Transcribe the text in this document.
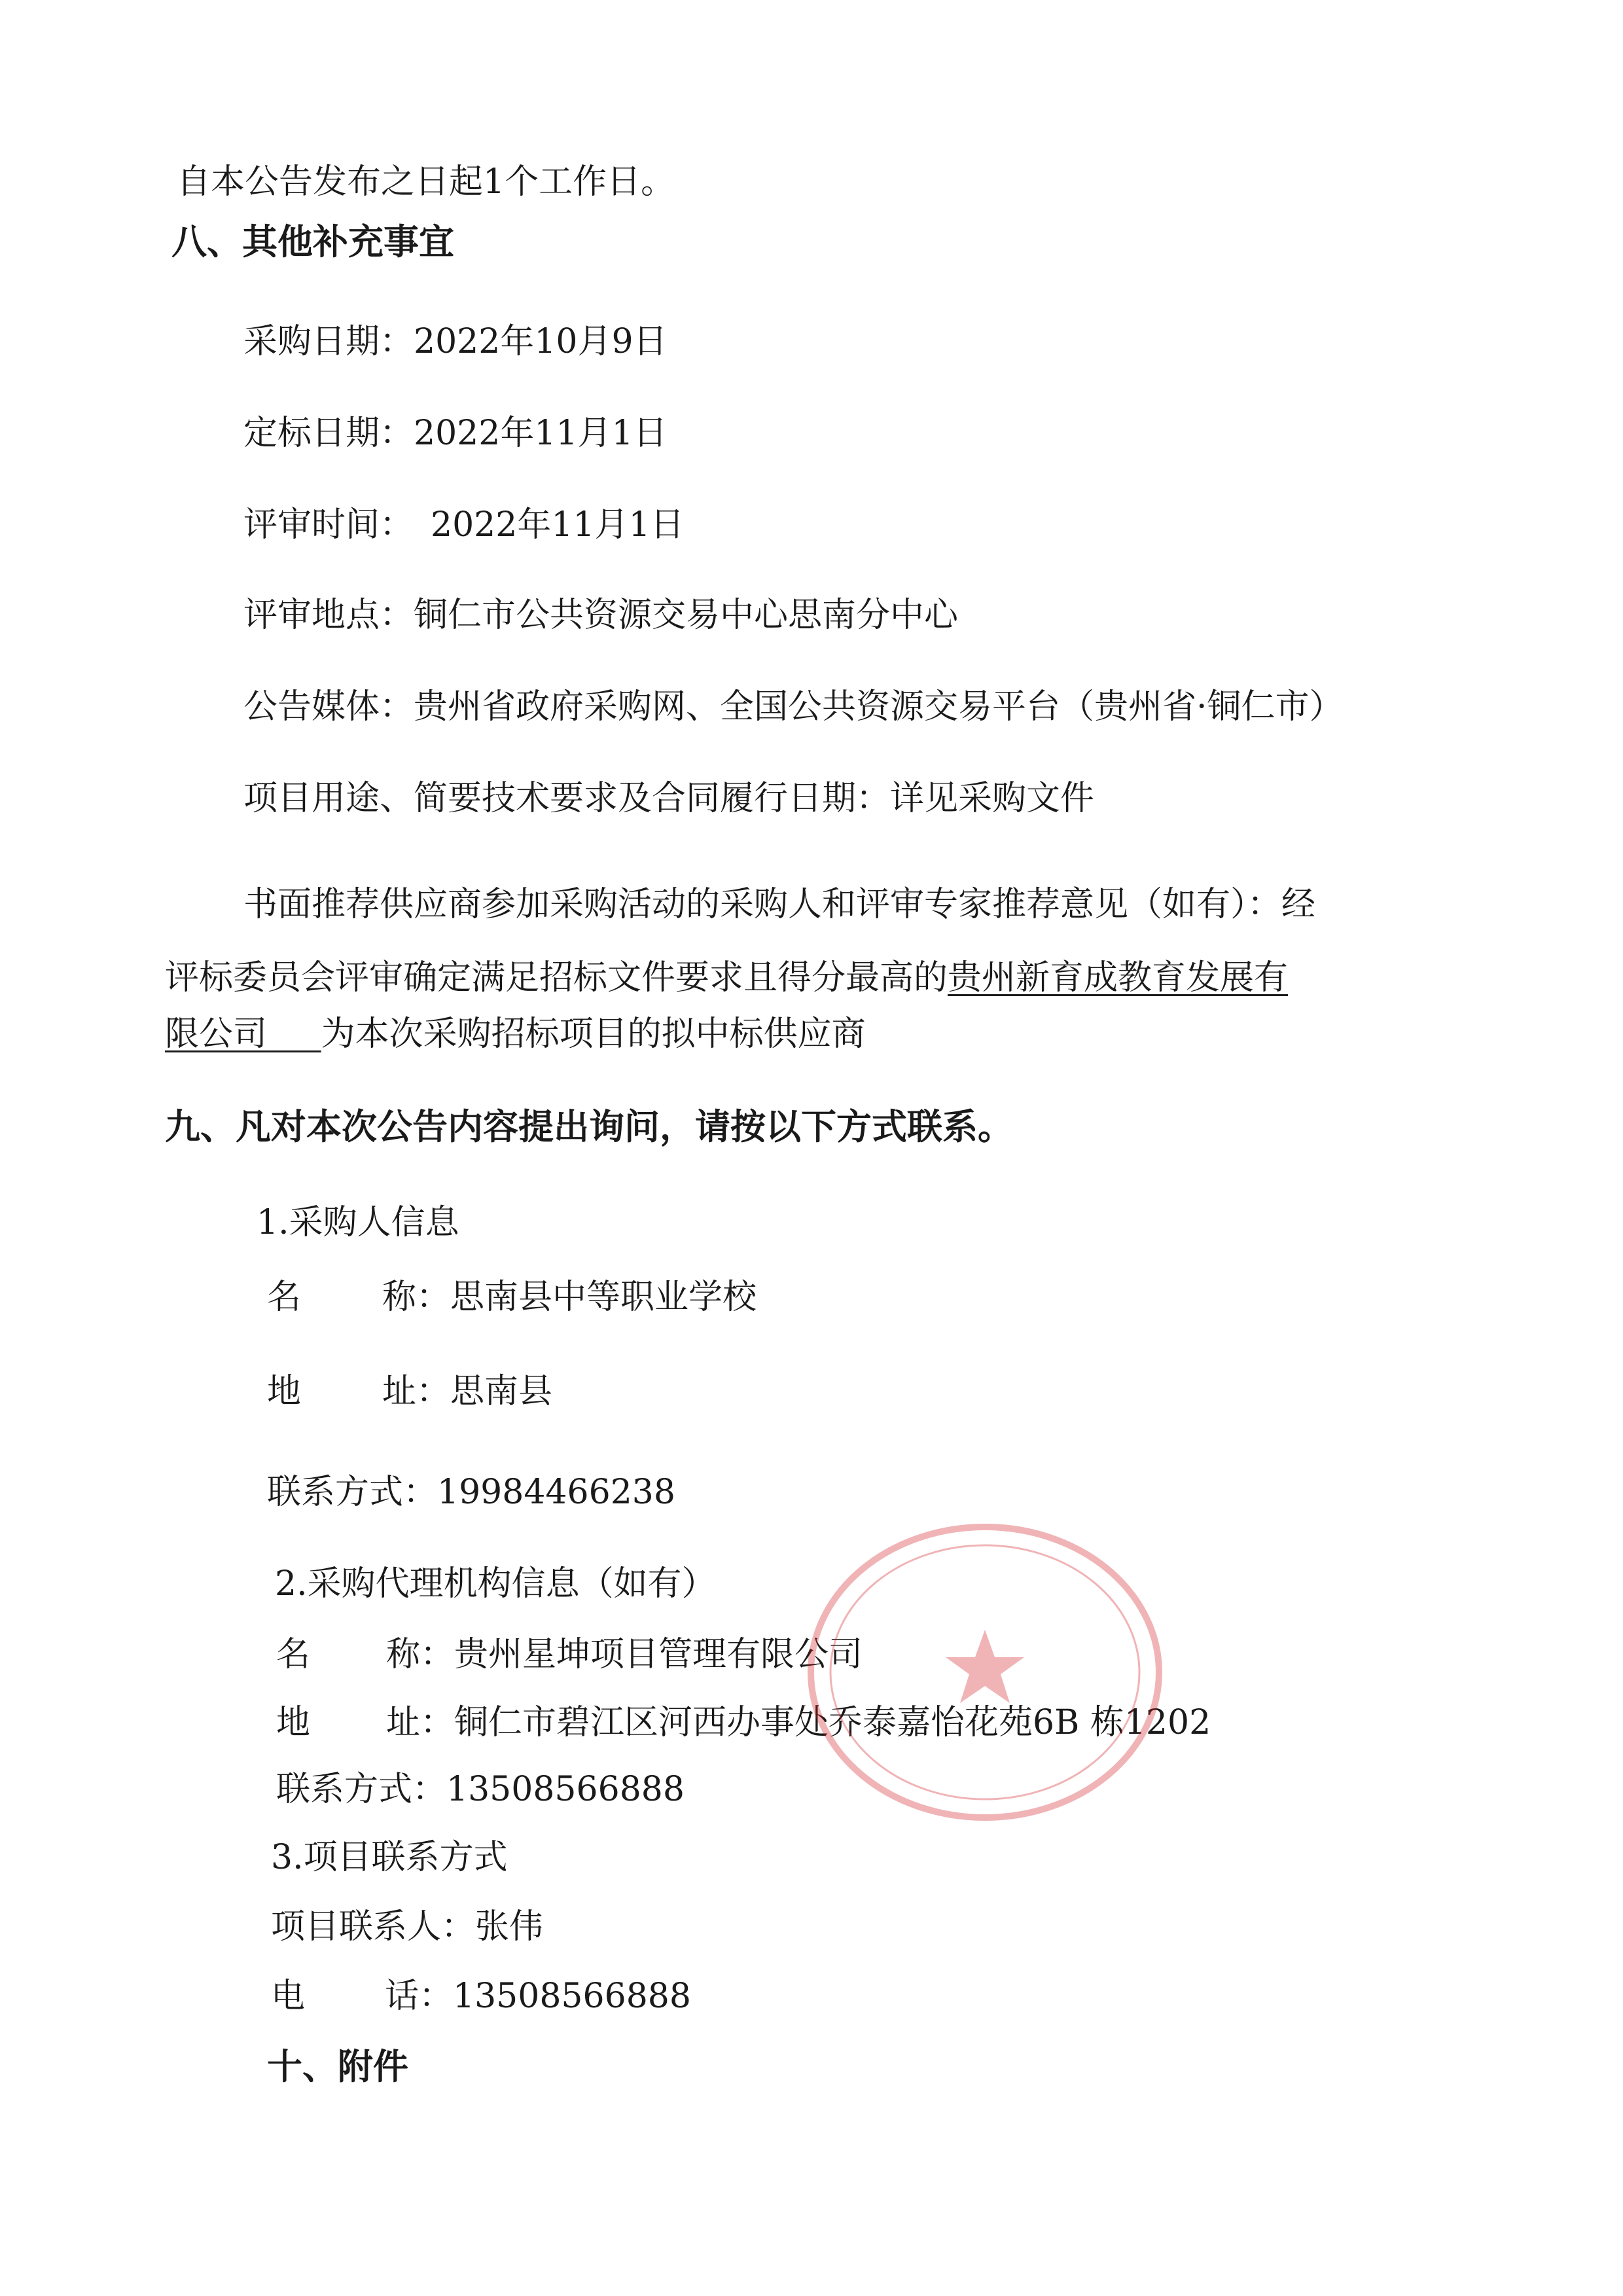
自本公告发布之日起1个工作日。
八、其他补充事宜
采购日期：2022年10月9日
定标日期：2022年11月1日
评审时间： 2022年11月1日
评审地点：铜仁市公共资源交易中心思南分中心
公告媒体：贵州省政府采购网、全国公共资源交易平台（贵州省·铜仁市）
项目用途、简要技术要求及合同履行日期：详见采购文件
书面推荐供应商参加采购活动的采购人和评审专家推荐意见（如有）：经
评标委员会评审确定满足招标文件要求且得分最高的贵州新育成教育发展有
限公司 为本次采购招标项目的拟中标供应商
九、凡对本次公告内容提出询问，请按以下方式联系。
1.采购人信息
名 称：思南县中等职业学校
地 址：思南县
联系方式：19984466238
2.采购代理机构信息（如有）
名 称：贵州星坤项目管理有限公司
地 址：铜仁市碧江区河西办事处乔泰嘉怡花苑6B 栋1202
联系方式：13508566888
3.项目联系方式
项目联系人：张伟
电 话：13508566888
十、附件
